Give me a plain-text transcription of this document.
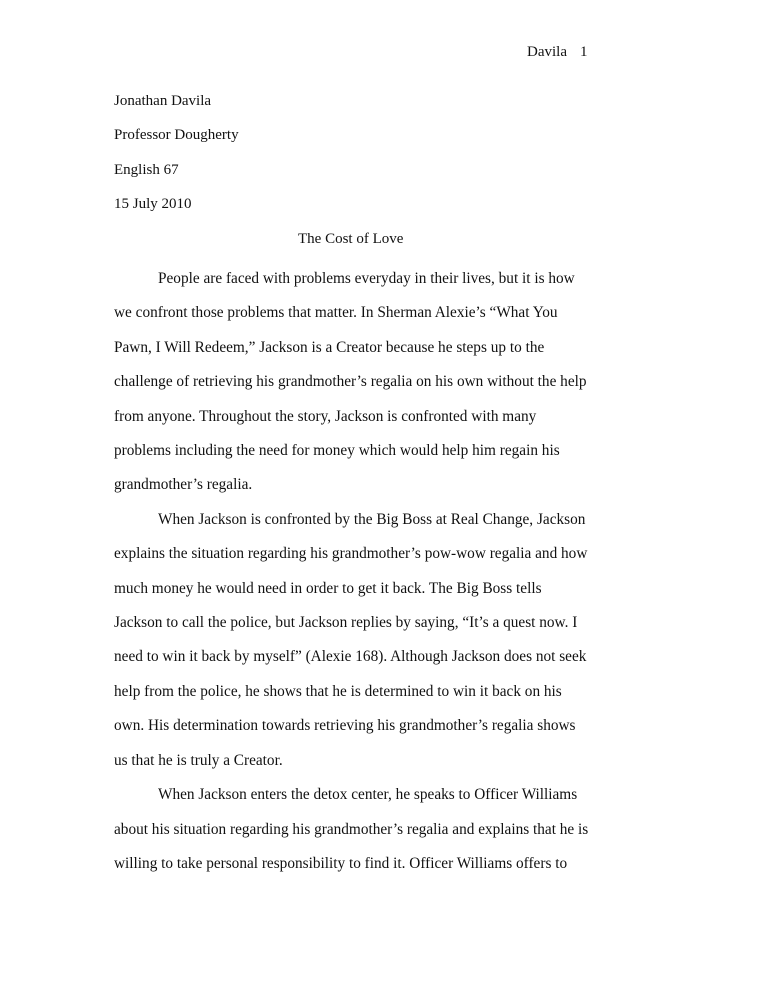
Davila 1
Jonathan Davila
Professor Dougherty
English 67
15 July 2010
The Cost of Love

People are faced with problems everyday in their lives, but it is how we confront those problems that matter. In Sherman Alexie’s “What You Pawn, I Will Redeem,” Jackson is a Creator because he steps up to the challenge of retrieving his grandmother’s regalia on his own without the help from anyone. Throughout the story, Jackson is confronted with many problems including the need for money which would help him regain his grandmother’s regalia.

When Jackson is confronted by the Big Boss at Real Change, Jackson explains the situation regarding his grandmother’s pow-wow regalia and how much money he would need in order to get it back. The Big Boss tells Jackson to call the police, but Jackson replies by saying, “It’s a quest now. I need to win it back by myself” (Alexie 168). Although Jackson does not seek help from the police, he shows that he is determined to win it back on his own. His determination towards retrieving his grandmother’s regalia shows us that he is truly a Creator.

When Jackson enters the detox center, he speaks to Officer Williams about his situation regarding his grandmother’s regalia and explains that he is willing to take personal responsibility to find it. Officer Williams offers to
